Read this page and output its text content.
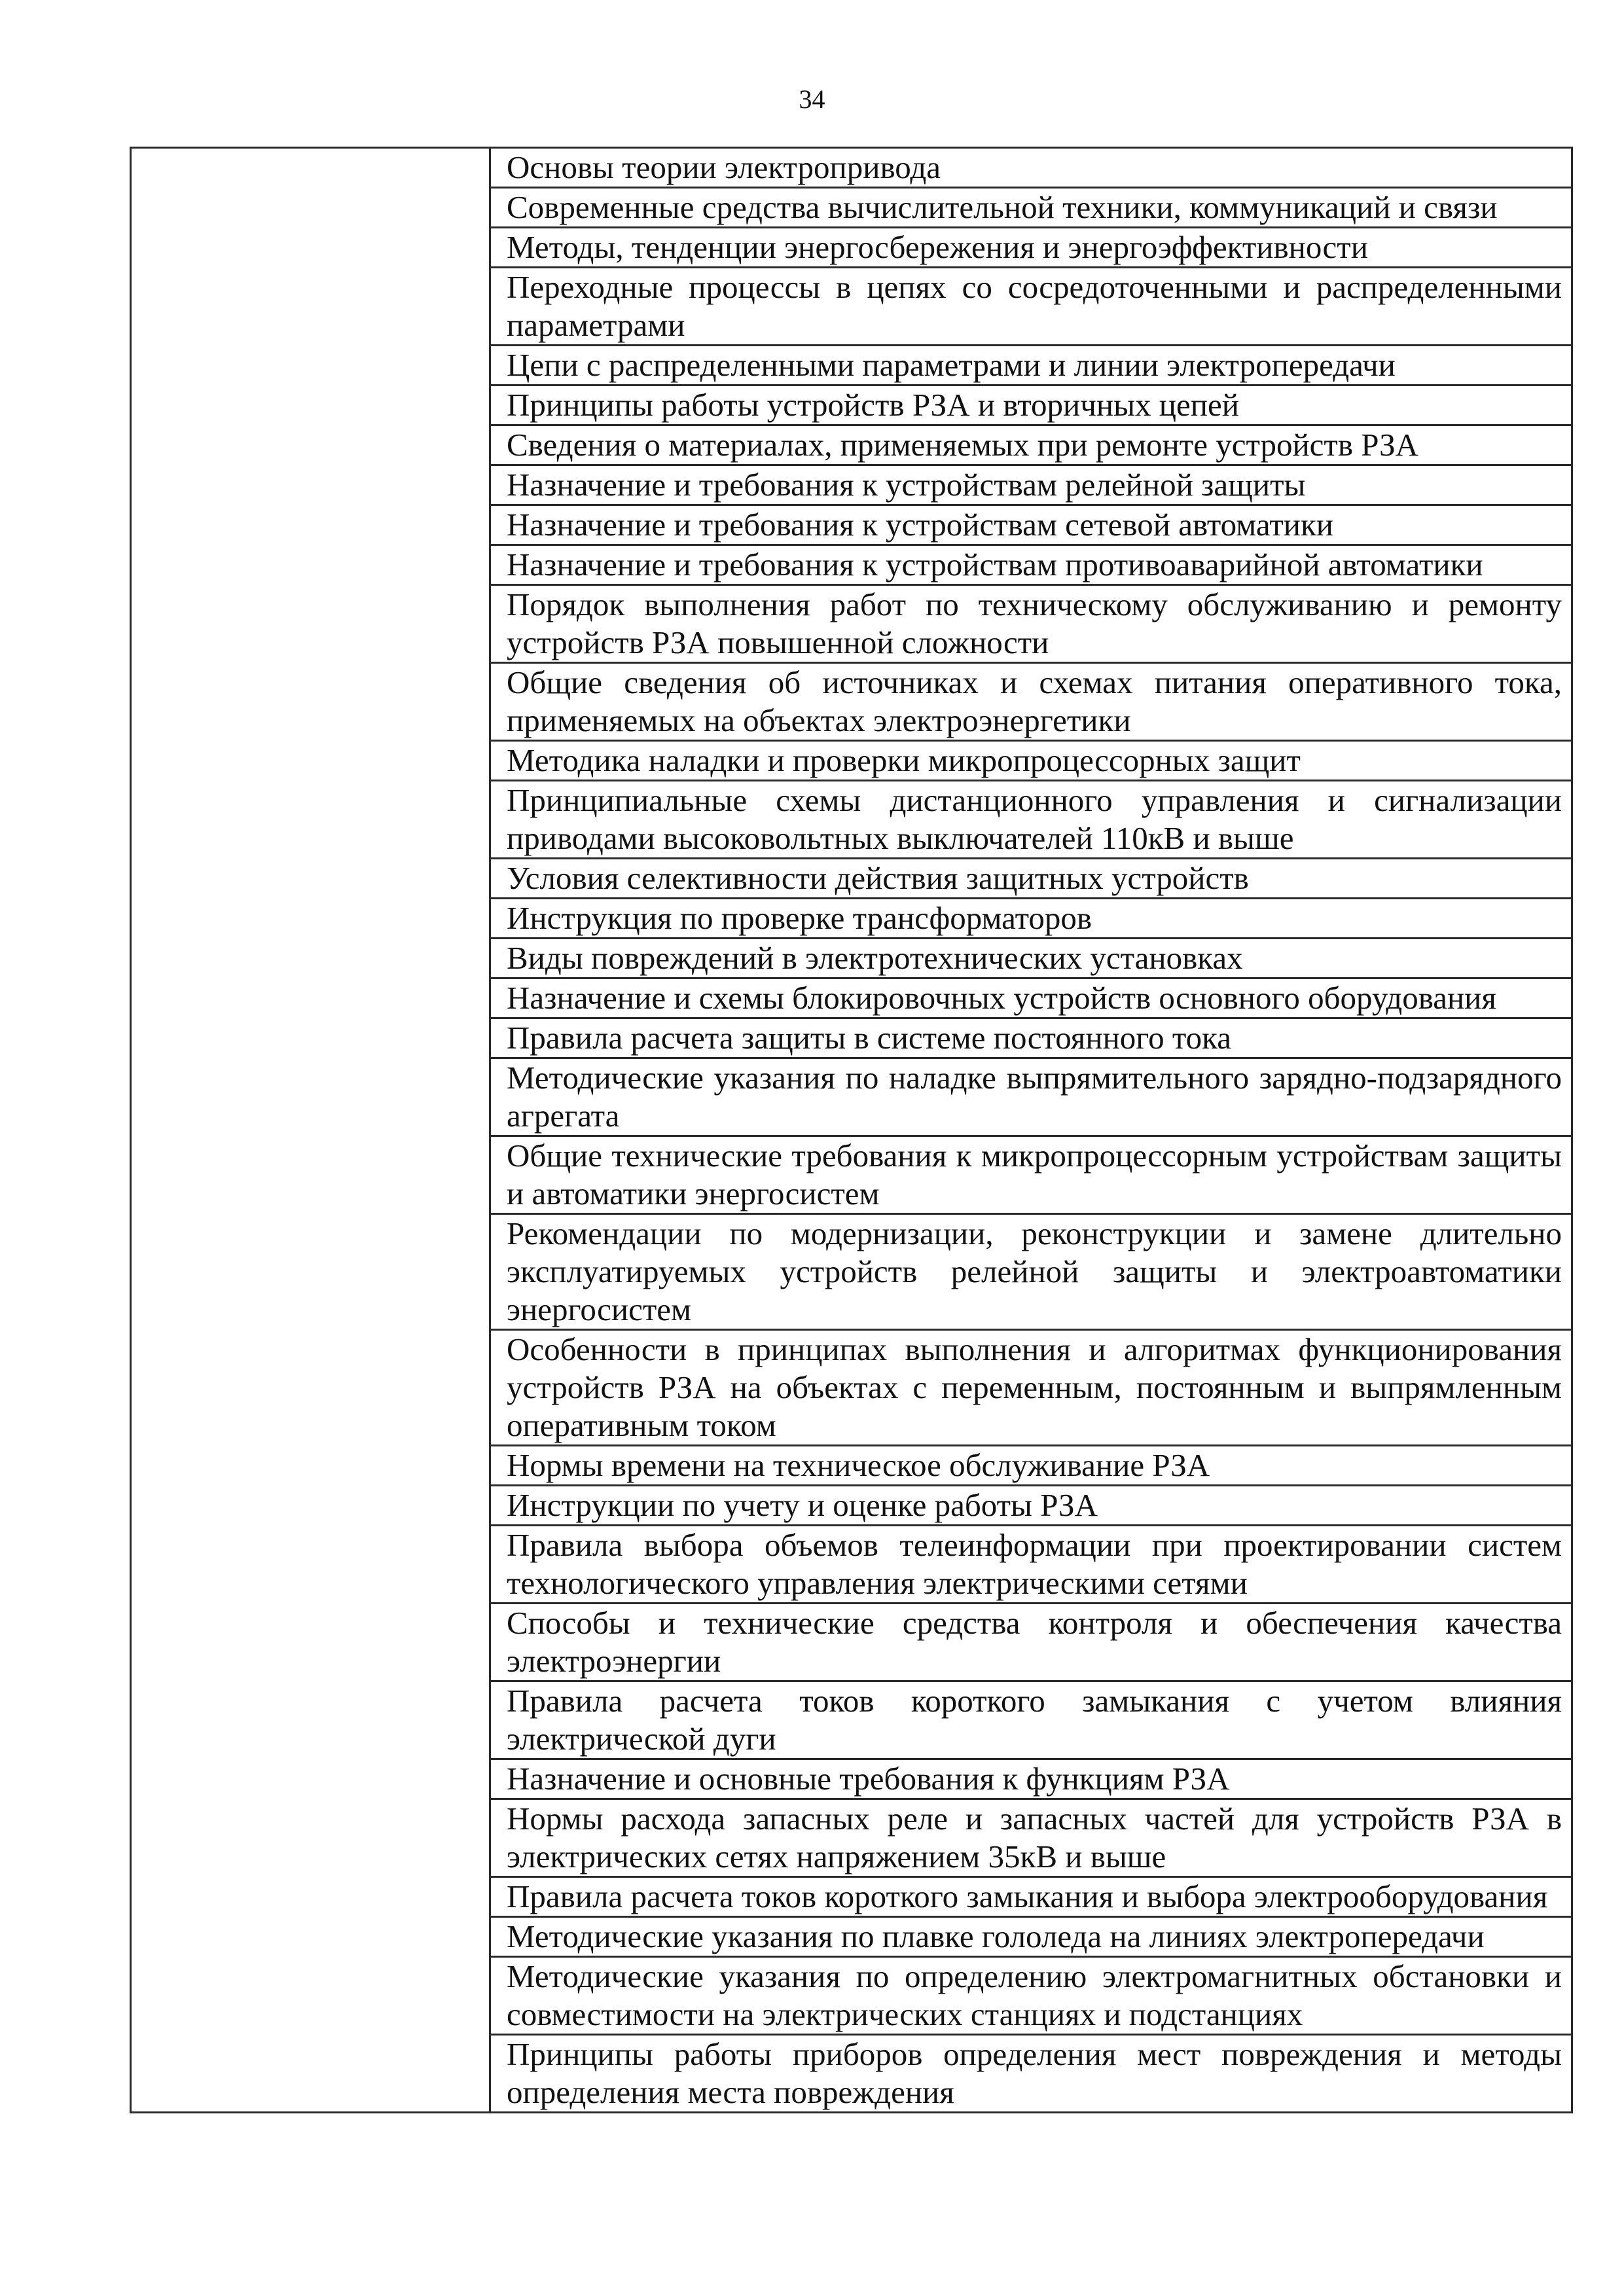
34

Основы теории электропривода
Современные средства вычислительной техники, коммуникаций и связи
Методы, тенденции энергосбережения и энергоэффективности
Переходные процессы в цепях со сосредоточенными и распределенными параметрами
Цепи с распределенными параметрами и линии электропередачи
Принципы работы устройств РЗА и вторичных цепей
Сведения о материалах, применяемых при ремонте устройств РЗА
Назначение и требования к устройствам релейной защиты
Назначение и требования к устройствам сетевой автоматики
Назначение и требования к устройствам противоаварийной автоматики
Порядок выполнения работ по техническому обслуживанию и ремонту устройств РЗА повышенной сложности
Общие сведения об источниках и схемах питания оперативного тока, применяемых на объектах электроэнергетики
Методика наладки и проверки микропроцессорных защит
Принципиальные схемы дистанционного управления и сигнализации приводами высоковольтных выключателей 110кВ и выше
Условия селективности действия защитных устройств
Инструкция по проверке трансформаторов
Виды повреждений в электротехнических установках
Назначение и схемы блокировочных устройств основного оборудования
Правила расчета защиты в системе постоянного тока
Методические указания по наладке выпрямительного зарядно-подзарядного агрегата
Общие технические требования к микропроцессорным устройствам защиты и автоматики энергосистем
Рекомендации по модернизации, реконструкции и замене длительно эксплуатируемых устройств релейной защиты и электроавтоматики энергосистем
Особенности в принципах выполнения и алгоритмах функционирования устройств РЗА на объектах с переменным, постоянным и выпрямленным оперативным током
Нормы времени на техническое обслуживание РЗА
Инструкции по учету и оценке работы РЗА
Правила выбора объемов телеинформации при проектировании систем технологического управления электрическими сетями
Способы и технические средства контроля и обеспечения качества электроэнергии
Правила расчета токов короткого замыкания с учетом влияния электрической дуги
Назначение и основные требования к функциям РЗА
Нормы расхода запасных реле и запасных частей для устройств РЗА в электрических сетях напряжением 35кВ и выше
Правила расчета токов короткого замыкания и выбора электрооборудования
Методические указания по плавке гололеда на линиях электропередачи
Методические указания по определению электромагнитных обстановки и совместимости на электрических станциях и подстанциях
Принципы работы приборов определения мест повреждения и методы определения места повреждения
